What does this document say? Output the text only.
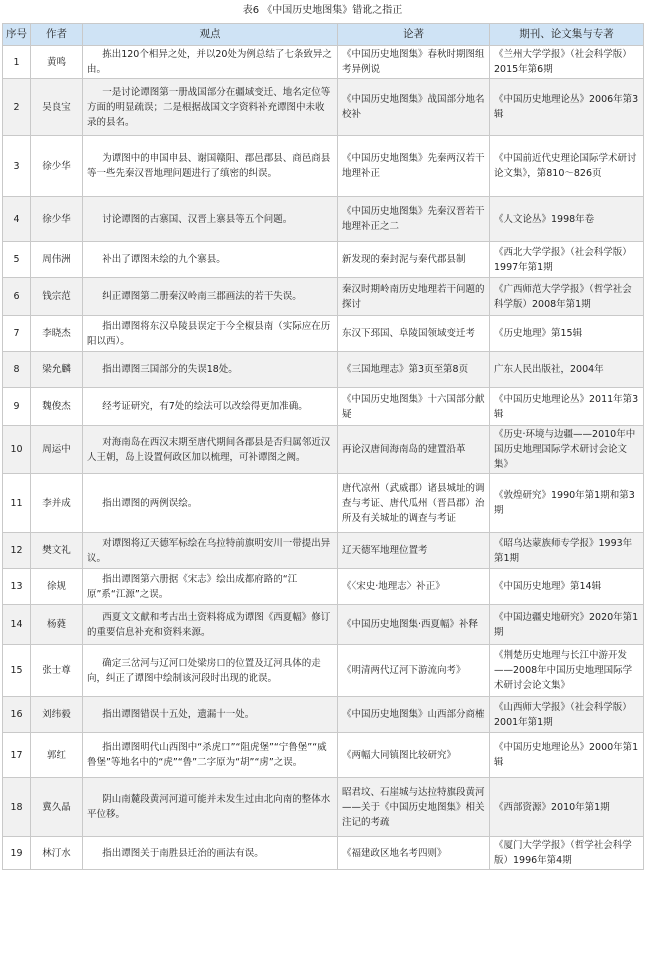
表6 《中国历史地图集》错讹之指正
序号	作者	观点	论著	期刊、论文集与专著
1	黄鸣	拣出120个相异之处，并以20处为例总结了七条致异之由。	《中国历史地图集》春秋时期图组考异例说	《兰州大学学报》（社会科学版）2015年第6期
2	吴良宝	一是讨论谭图第一册战国部分在疆域变迁、地名定位等方面的明显疏误；二是根据战国文字资料补充谭图中未收录的县名。	《中国历史地图集》战国部分地名校补	《中国历史地理论丛》2006年第3辑
3	徐少华	为谭图中的申国申县、谢国赣阳、郡邑郡县、商邑商县等一些先秦汉晋地理问题进行了缜密的纠误。	《中国历史地图集》先秦两汉若干地理补正	《中国前近代史理论国际学术研讨论文集》，第810～826页
4	徐少华	讨论谭图的古寨国、汉晋上寨县等五个问题。	《中国历史地图集》先秦汉晋若干地理补正之二	《人文论丛》1998年卷
5	周伟洲	补出了谭图未绘的九个寨县。	新发现的秦封泥与秦代郡县制	《西北大学学报》（社会科学版）1997年第1期
6	钱宗范	纠正谭图第二册秦汉岭南三郡画法的若干失误。	秦汉时期岭南历史地理若干问题的探讨	《广西师范大学学报》（哲学社会科学版）2008年第1期
7	李晓杰	指出谭图将东汉阜陵县误定于今全椒县南（实际应在历阳以西）。	东汉下邳国、阜陵国领域变迁考	《历史地理》第15辑
8	梁允麟	指出谭图三国部分的失误18处。	《三国地理志》第3页至第8页	广东人民出版社，2004年
9	魏俊杰	经考证研究，有7处的绘法可以改绘得更加准确。	《中国历史地图集》十六国部分献疑	《中国历史地理论丛》2011年第3辑
10	周运中	对海南岛在西汉末期至唐代期间各郡县是否归属邻近汉人王朝，岛上设置何政区加以梳理，可补谭图之阙。	再论汉唐间海南岛的建置沿革	《历史·环境与边疆——2010年中国历史地理国际学术研讨会论文集》
11	李并成	指出谭图的两例误绘。	唐代凉州（武威郡）诸县城址的调查与考证、唐代瓜州（晋昌郡）治所及有关城址的调查与考证	《敦煌研究》1990年第1期和第3期
12	樊文礼	对谭图将辽天德军标绘在乌拉特前旗明安川一带提出异议。	辽天德军地理位置考	《昭乌达蒙族师专学报》1993年第1期
13	徐规	指出谭图第六册据《宋志》绘出成都府路的“江原”系“江源”之误。	《〈宋史·地理志〉补正》	《中国历史地理》第14辑
14	杨蕤	西夏文文献和考古出土资料将成为谭图《西夏幅》修订的重要信息补充和资料来源。	《中国历史地图集·西夏幅》补释	《中国边疆史地研究》2020年第1期
15	张士尊	确定三岔河与辽河口处梁房口的位置及辽河具体的走向，纠正了谭图中绘制该河段时出现的讹误。	《明清两代辽河下游流向考》	《荆楚历史地理与长江中游开发——2008年中国历史地理国际学术研讨会论文集》
16	刘纬毅	指出谭图错误十五处，遗漏十一处。	《中国历史地图集》山西部分商榷	《山西师大学报》（社会科学版）2001年第1期
17	郭红	指出谭图明代山西图中“杀虎口”“阻虎堡”“宁鲁堡”“威鲁堡”等地名中的“虎”“鲁”二字原为“胡”“虏”之误。	《两幅大同镇图比较研究》	《中国历史地理论丛》2000年第1辑
18	冀久晶	阴山南麓段黄河河道可能并未发生过由北向南的整体水平位移。	昭君坟、石崖城与达拉特旗段黄河——关于《中国历史地图集》相关注记的考疏	《西部资源》2010年第1期
19	林汀水	指出谭图关于南胜县迁治的画法有误。	《福建政区地名考四则》	《厦门大学学报》（哲学社会科学版）1996年第4期
